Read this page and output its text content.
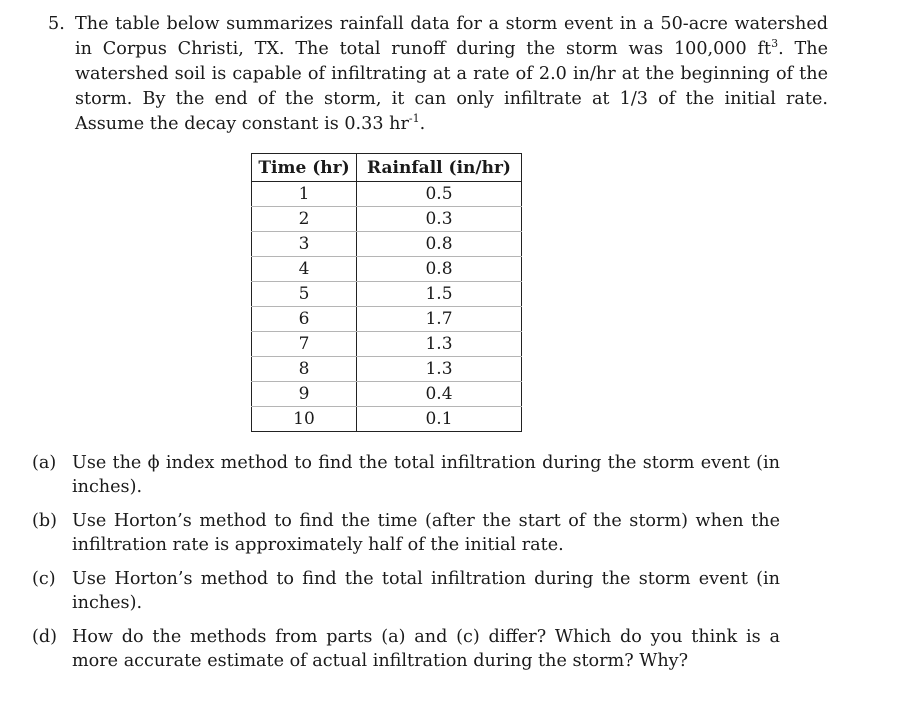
5. The table below summarizes rainfall data for a storm event in a 50-acre watershed in Corpus Christi, TX. The total runoff during the storm was 100,000 $ft^3$. The watershed soil is capable of infiltrating at a rate of 2.0 in/hr at the beginning of the storm. By the end of the storm, it can only infiltrate at 1/3 of the initial rate. Assume the decay constant is 0.33 $hr^{-1}$.

Time (hr)	Rainfall (in/hr)
1	0.5
2	0.3
3	0.8
4	0.8
5	1.5
6	1.7
7	1.3
8	1.3
9	0.4
10	0.1
(a) Use the ϕ index method to find the total infiltration during the storm event (in inches).
(b) Use Horton’s method to find the time (after the start of the storm) when the infiltration rate is approximately half of the initial rate.
(c) Use Horton’s method to find the total infiltration during the storm event (in inches).
(d) How do the methods from parts (a) and (c) differ? Which do you think is a more accurate estimate of actual infiltration during the storm? Why?
